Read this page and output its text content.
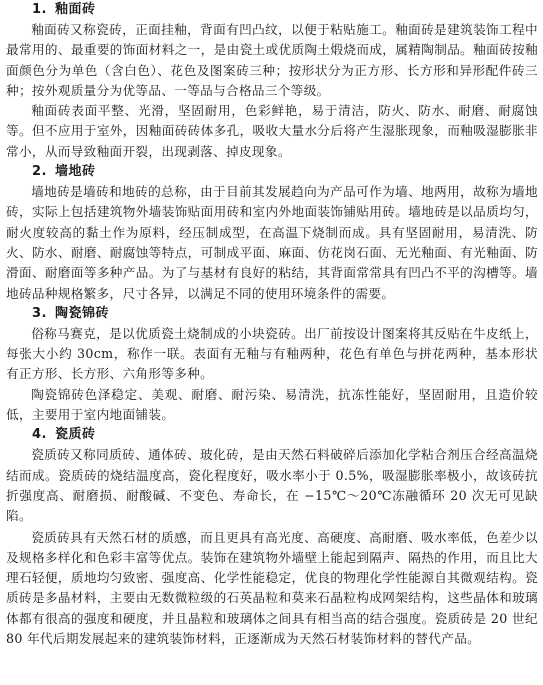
1. 釉面砖

釉面砖又称瓷砖，正面挂釉，背面有凹凸纹，以便于粘贴施工。釉面砖是建筑装饰工程中最常用的、最重要的饰面材料之一，是由瓷土或优质陶土煅烧而成，属精陶制品。釉面砖按釉面颜色分为单色（含白色）、花色及图案砖三种；按形状分为正方形、长方形和异形配件砖三种；按外观质量分为优等品、一等品与合格品三个等级。

釉面砖表面平整、光滑，坚固耐用，色彩鲜艳，易于清洁，防火、防水、耐磨、耐腐蚀等。但不应用于室外，因釉面砖砖体多孔，吸收大量水分后将产生湿胀现象，而釉吸湿膨胀非常小，从而导致釉面开裂，出现剥落、掉皮现象。

2. 墙地砖

墙地砖是墙砖和地砖的总称，由于目前其发展趋向为产品可作为墙、地两用，故称为墙地砖，实际上包括建筑物外墙装饰贴面用砖和室内外地面装饰铺贴用砖。墙地砖是以品质均匀，耐火度较高的黏土作为原料，经压制成型，在高温下烧制而成。具有坚固耐用，易清洗、防火、防水、耐磨、耐腐蚀等特点，可制成平面、麻面、仿花岗石面、无光釉面、有光釉面、防滑面、耐磨面等多种产品。为了与基材有良好的粘结，其背面常常具有凹凸不平的沟槽等。墙地砖品种规格繁多，尺寸各异，以满足不同的使用环境条件的需要。

3. 陶瓷锦砖

俗称马赛克，是以优质瓷土烧制成的小块瓷砖。出厂前按设计图案将其反贴在牛皮纸上，每张大小约 30cm，称作一联。表面有无釉与有釉两种，花色有单色与拼花两种，基本形状有正方形、长方形、六角形等多种。

陶瓷锦砖色泽稳定、美观、耐磨、耐污染、易清洗，抗冻性能好，坚固耐用，且造价较低，主要用于室内地面铺装。

4. 瓷质砖

瓷质砖又称同质砖、通体砖、玻化砖，是由天然石料破碎后添加化学粘合剂压合经高温烧结而成。瓷质砖的烧结温度高，瓷化程度好，吸水率小于 0.5%，吸湿膨胀率极小，故该砖抗折强度高、耐磨损、耐酸碱、不变色、寿命长，在 −15℃～20℃冻融循环 20 次无可见缺陷。

瓷质砖具有天然石材的质感，而且更具有高光度、高硬度、高耐磨、吸水率低，色差少以及规格多样化和色彩丰富等优点。装饰在建筑物外墙壁上能起到隔声、隔热的作用，而且比大理石轻便，质地均匀致密、强度高、化学性能稳定，优良的物理化学性能源自其微观结构。瓷质砖是多晶材料，主要由无数微粒级的石英晶粒和莫来石晶粒构成网架结构，这些晶体和玻璃体都有很高的强度和硬度，并且晶粒和玻璃体之间具有相当高的结合强度。瓷质砖是 20 世纪 80 年代后期发展起来的建筑装饰材料，正逐渐成为天然石材装饰材料的替代产品。
